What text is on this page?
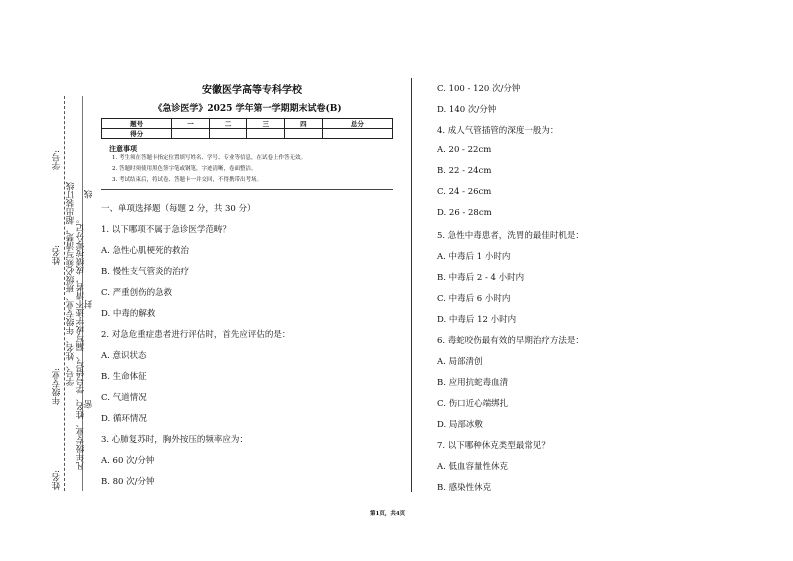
学号:
姓名:
年级专业:
姓名:
学号、姓名、年级专业、班级必须写清楚，超出装订线 凡年级专业、姓名、学号错写、漏写或字迹不清者，成绩按零分记。
线
封
密
安徽医学高等专科学校
《急诊医学》2025 学年第一学期期末试卷(B)
题号	一	二	三	四	总分
得分					
注意事项
1. 考生须在答题卡指定位置填写姓名、学号、专业等信息，在试卷上作答无效。
2. 答题时须使用黑色签字笔或钢笔，字迹清晰，卷面整洁。
3. 考试结束后，将试卷、答题卡一并交回，不得携带出考场。
一、单项选择题（每题 2 分，共 30 分）
1. 以下哪项不属于急诊医学范畴？
A. 急性心肌梗死的救治
B. 慢性支气管炎的治疗
C. 严重创伤的急救
D. 中毒的解救
2. 对急危重症患者进行评估时，首先应评估的是：
A. 意识状态
B. 生命体征
C. 气道情况
D. 循环情况
3. 心肺复苏时，胸外按压的频率应为：
A. 60 次/分钟
B. 80 次/分钟
C. 100 - 120 次/分钟
D. 140 次/分钟
4. 成人气管插管的深度一般为：
A. 20 - 22cm
B. 22 - 24cm
C. 24 - 26cm
D. 26 - 28cm
5. 急性中毒患者，洗胃的最佳时机是：
A. 中毒后 1 小时内
B. 中毒后 2 - 4 小时内
C. 中毒后 6 小时内
D. 中毒后 12 小时内
6. 毒蛇咬伤最有效的早期治疗方法是：
A. 局部清创
B. 应用抗蛇毒血清
C. 伤口近心端绑扎
D. 局部冰敷
7. 以下哪种休克类型最常见？
A. 低血容量性休克
B. 感染性休克
第1页，共4页
